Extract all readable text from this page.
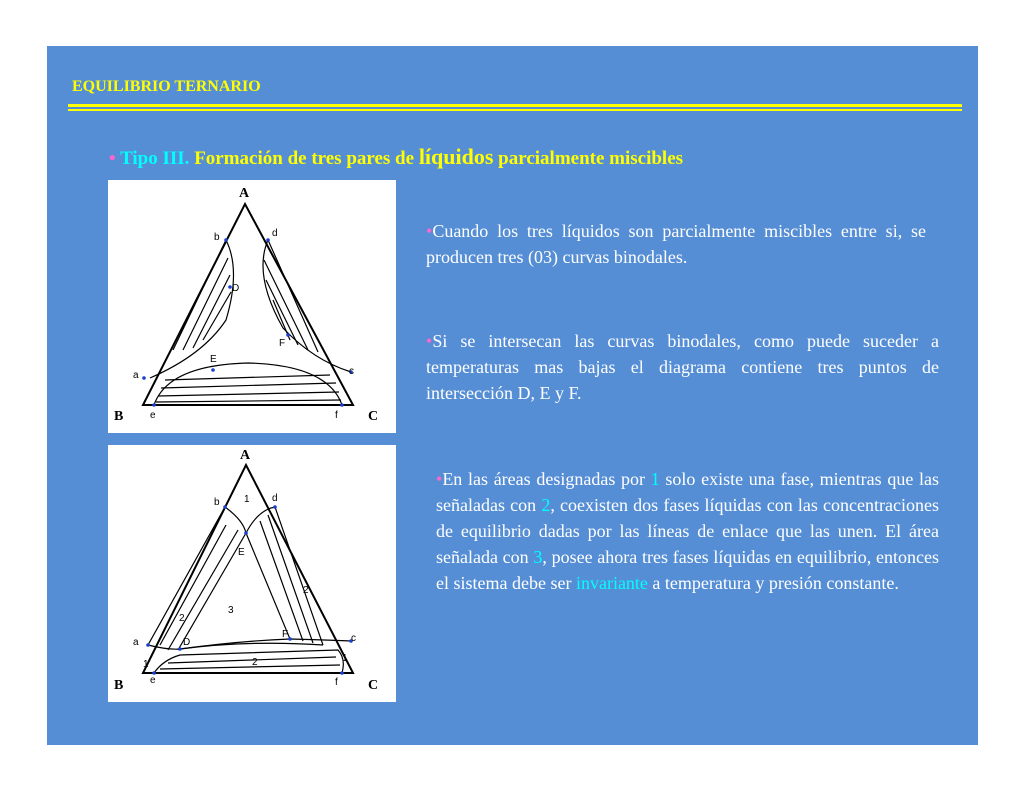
EQUILIBRIO TERNARIO
• Tipo III. Formación de tres pares de líquidos parcialmente miscibles
A
B	C
b	d
D
F
E
a	c
e	f
A
B	C
b	d
E
D
F
a	c
e	f
1
3
2
2
2
1
1
•Cuando los tres líquidos son parcialmente miscibles entre si, se producen tres (03) curvas binodales.
•Si se intersecan las curvas binodales, como puede suceder a temperaturas mas bajas el diagrama contiene tres puntos de intersección D, E y F.
•En las áreas designadas por 1 solo existe una fase, mientras que las señaladas con 2, coexisten dos fases líquidas con las concentraciones de equilibrio dadas por las líneas de enlace que las unen. El área señalada con 3, posee ahora tres fases líquidas en equilibrio, entonces el sistema debe ser invariante a temperatura y presión constante.
